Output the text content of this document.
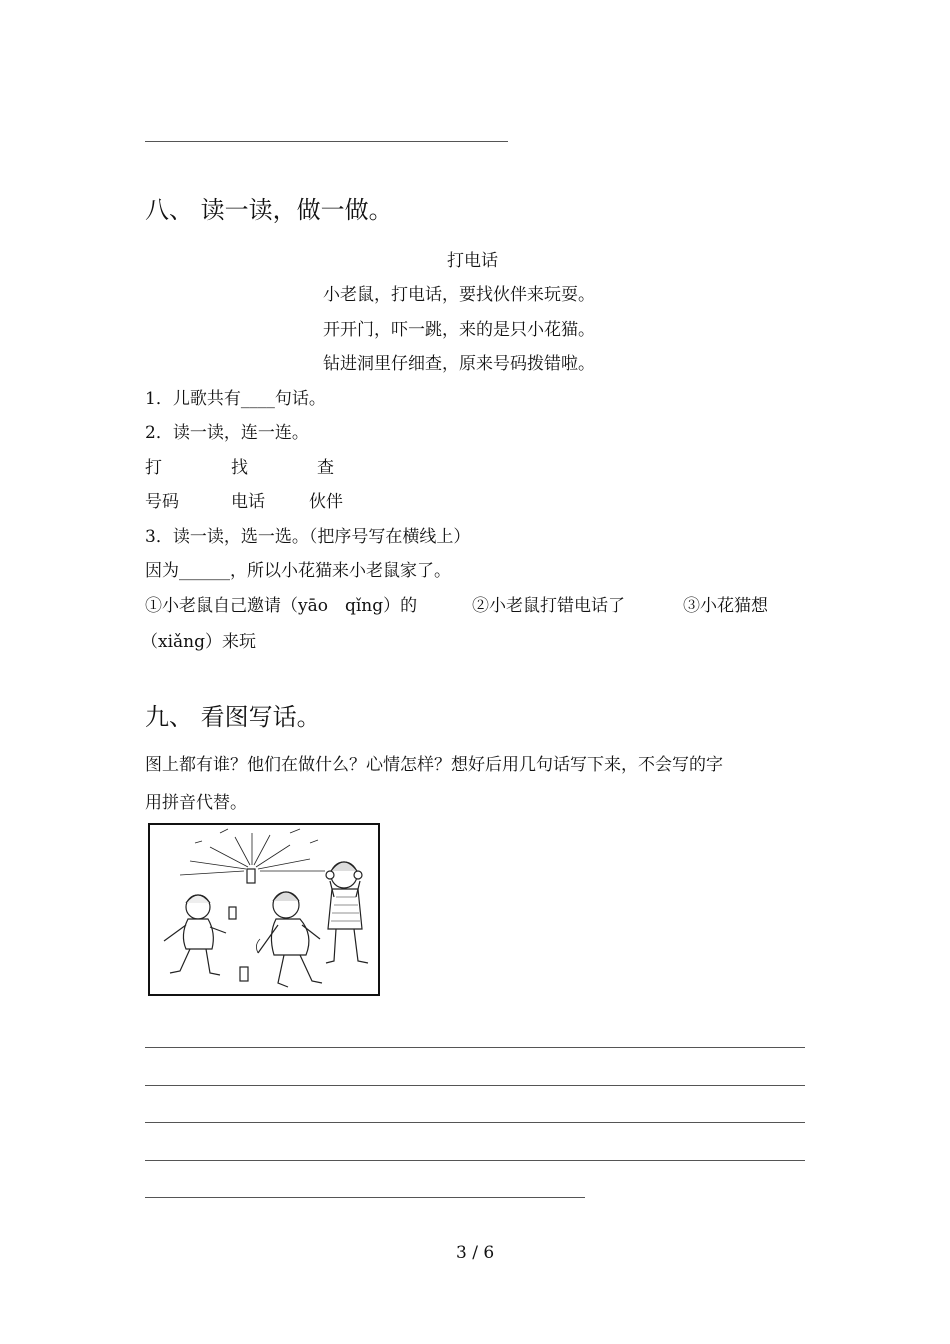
八、 读一读，做一做。
打电话
小老鼠，打电话，要找伙伴来玩耍。
开开门，吓一跳，来的是只小花猫。
钻进洞里仔细查，原来号码拨错啦。
1．儿歌共有____句话。
2．读一读，连一连。
打	找	查
号码	电话	伙伴
3．读一读，选一选。（把序号写在横线上）
因为______，所以小花猫来小老鼠家了。
①小老鼠自己邀请（yāo　qǐng）的	②小老鼠打错电话了	③小花猫想
（xiǎng）来玩
九、 看图写话。
图上都有谁？他们在做什么？心情怎样？想好后用几句话写下来，不会写的字
用拼音代替。
3 / 6
